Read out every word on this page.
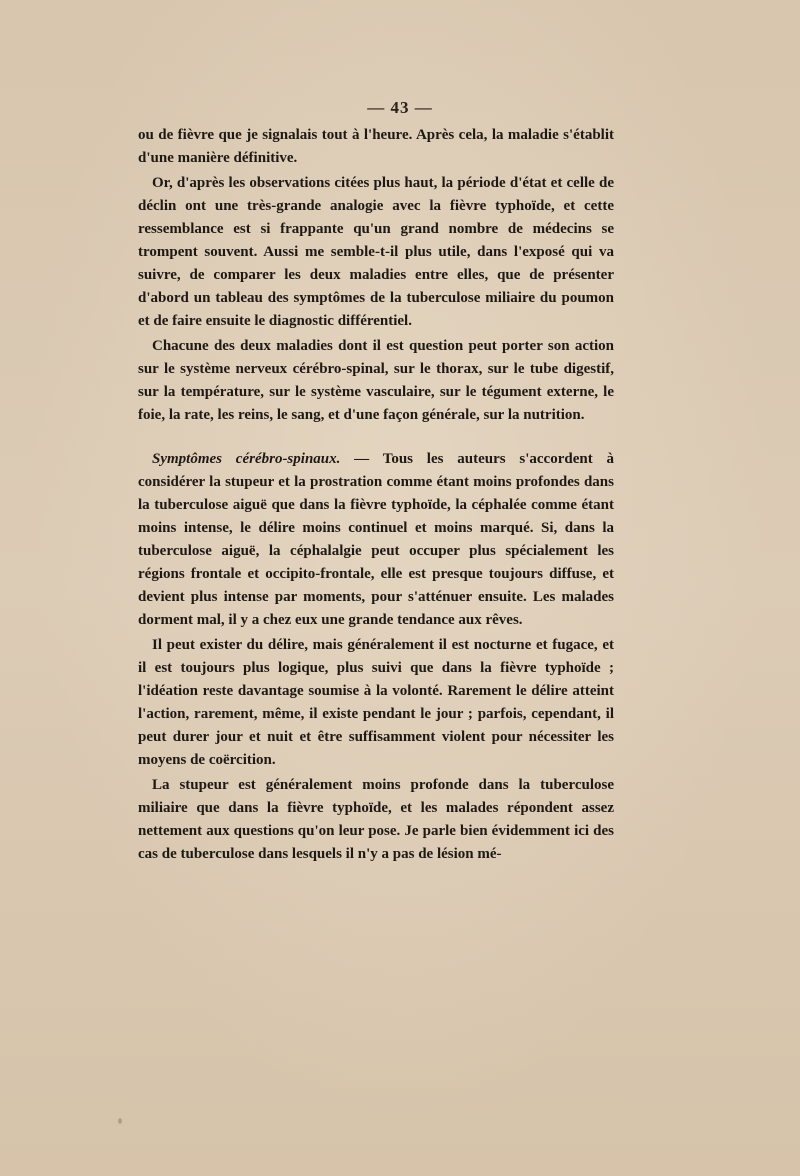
— 43 —

ou de fièvre que je signalais tout à l'heure. Après cela, la maladie s'établit d'une manière définitive.

Or, d'après les observations citées plus haut, la période d'état et celle de déclin ont une très-grande analogie avec la fièvre typhoïde, et cette ressemblance est si frappante qu'un grand nombre de médecins se trompent souvent. Aussi me semble-t-il plus utile, dans l'exposé qui va suivre, de comparer les deux maladies entre elles, que de présenter d'abord un tableau des symptômes de la tuberculose miliaire du poumon et de faire ensuite le diagnostic différentiel.

Chacune des deux maladies dont il est question peut porter son action sur le système nerveux cérébro-spinal, sur le thorax, sur le tube digestif, sur la température, sur le système vasculaire, sur le tégument externe, le foie, la rate, les reins, le sang, et d'une façon générale, sur la nutrition.

Symptômes cérébro-spinaux. — Tous les auteurs s'accordent à considérer la stupeur et la prostration comme étant moins profondes dans la tuberculose aiguë que dans la fièvre typhoïde, la céphalée comme étant moins intense, le délire moins continuel et moins marqué. Si, dans la tuberculose aiguë, la céphalalgie peut occuper plus spécialement les régions frontale et occipito-frontale, elle est presque toujours diffuse, et devient plus intense par moments, pour s'atténuer ensuite. Les malades dorment mal, il y a chez eux une grande tendance aux rêves.

Il peut exister du délire, mais généralement il est nocturne et fugace, et il est toujours plus logique, plus suivi que dans la fièvre typhoïde ; l'idéation reste davantage soumise à la volonté. Rarement le délire atteint l'action, rarement, même, il existe pendant le jour ; parfois, cependant, il peut durer jour et nuit et être suffisamment violent pour nécessiter les moyens de coërcition.

La stupeur est généralement moins profonde dans la tuberculose miliaire que dans la fièvre typhoïde, et les malades répondent assez nettement aux questions qu'on leur pose. Je parle bien évidemment ici des cas de tuberculose dans lesquels il n'y a pas de lésion mé-
